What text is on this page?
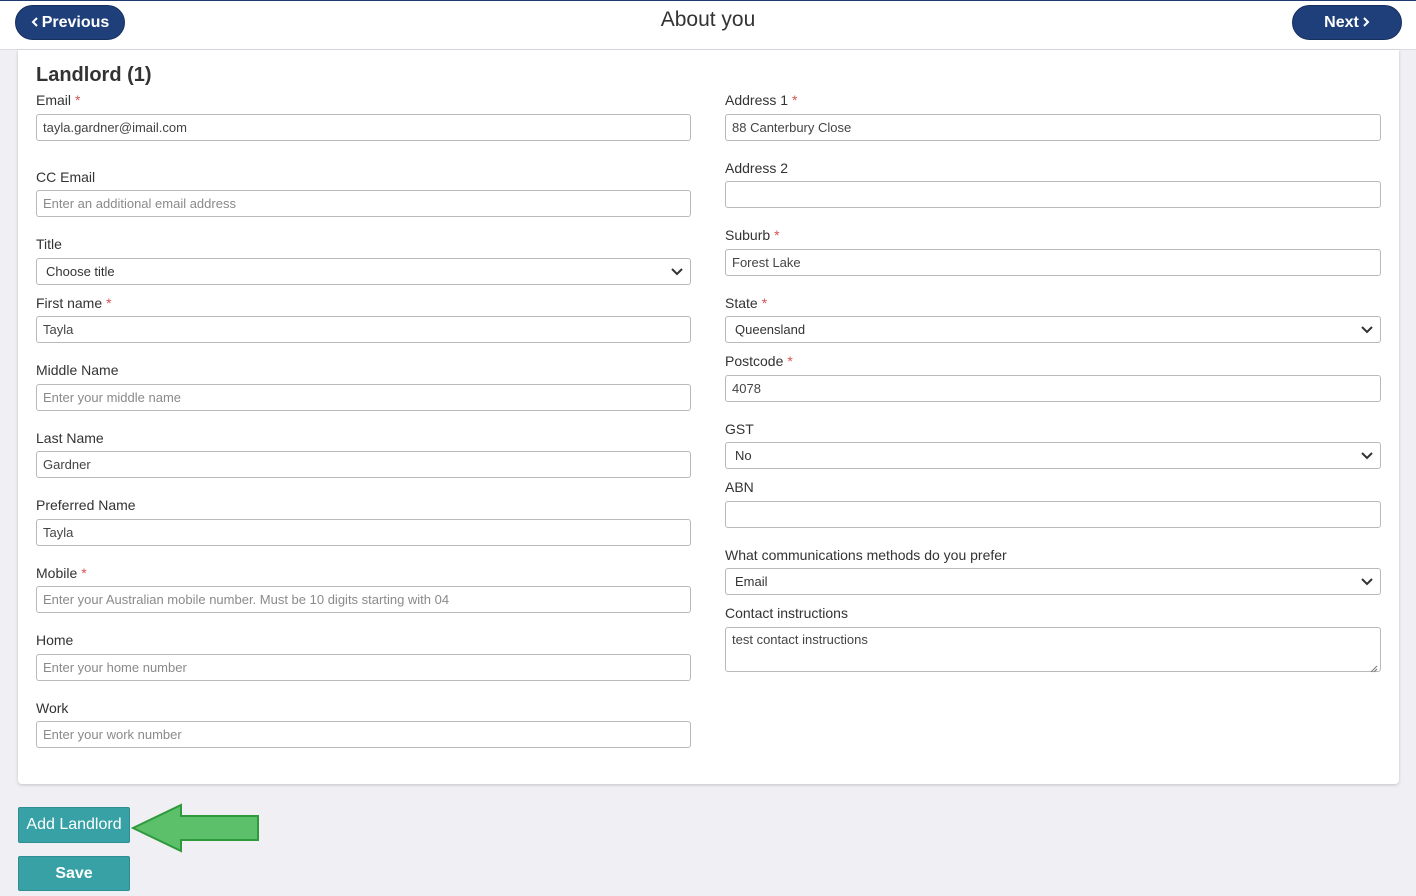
Previous	About you	Next
Landlord (1)
Email *
tayla.gardner@imail.com
CC Email
Enter an additional email address
Title
Choose title
First name *
Tayla
Middle Name
Enter your middle name
Last Name
Gardner
Preferred Name
Tayla
Mobile *
Enter your Australian mobile number. Must be 10 digits starting with 04
Home
Enter your home number
Work
Enter your work number
Address 1 *
88 Canterbury Close
Address 2
Suburb *
Forest Lake
State *
Queensland
Postcode *
4078
GST
No
ABN
What communications methods do you prefer
Email
Contact instructions
test contact instructions
Add Landlord
Save
